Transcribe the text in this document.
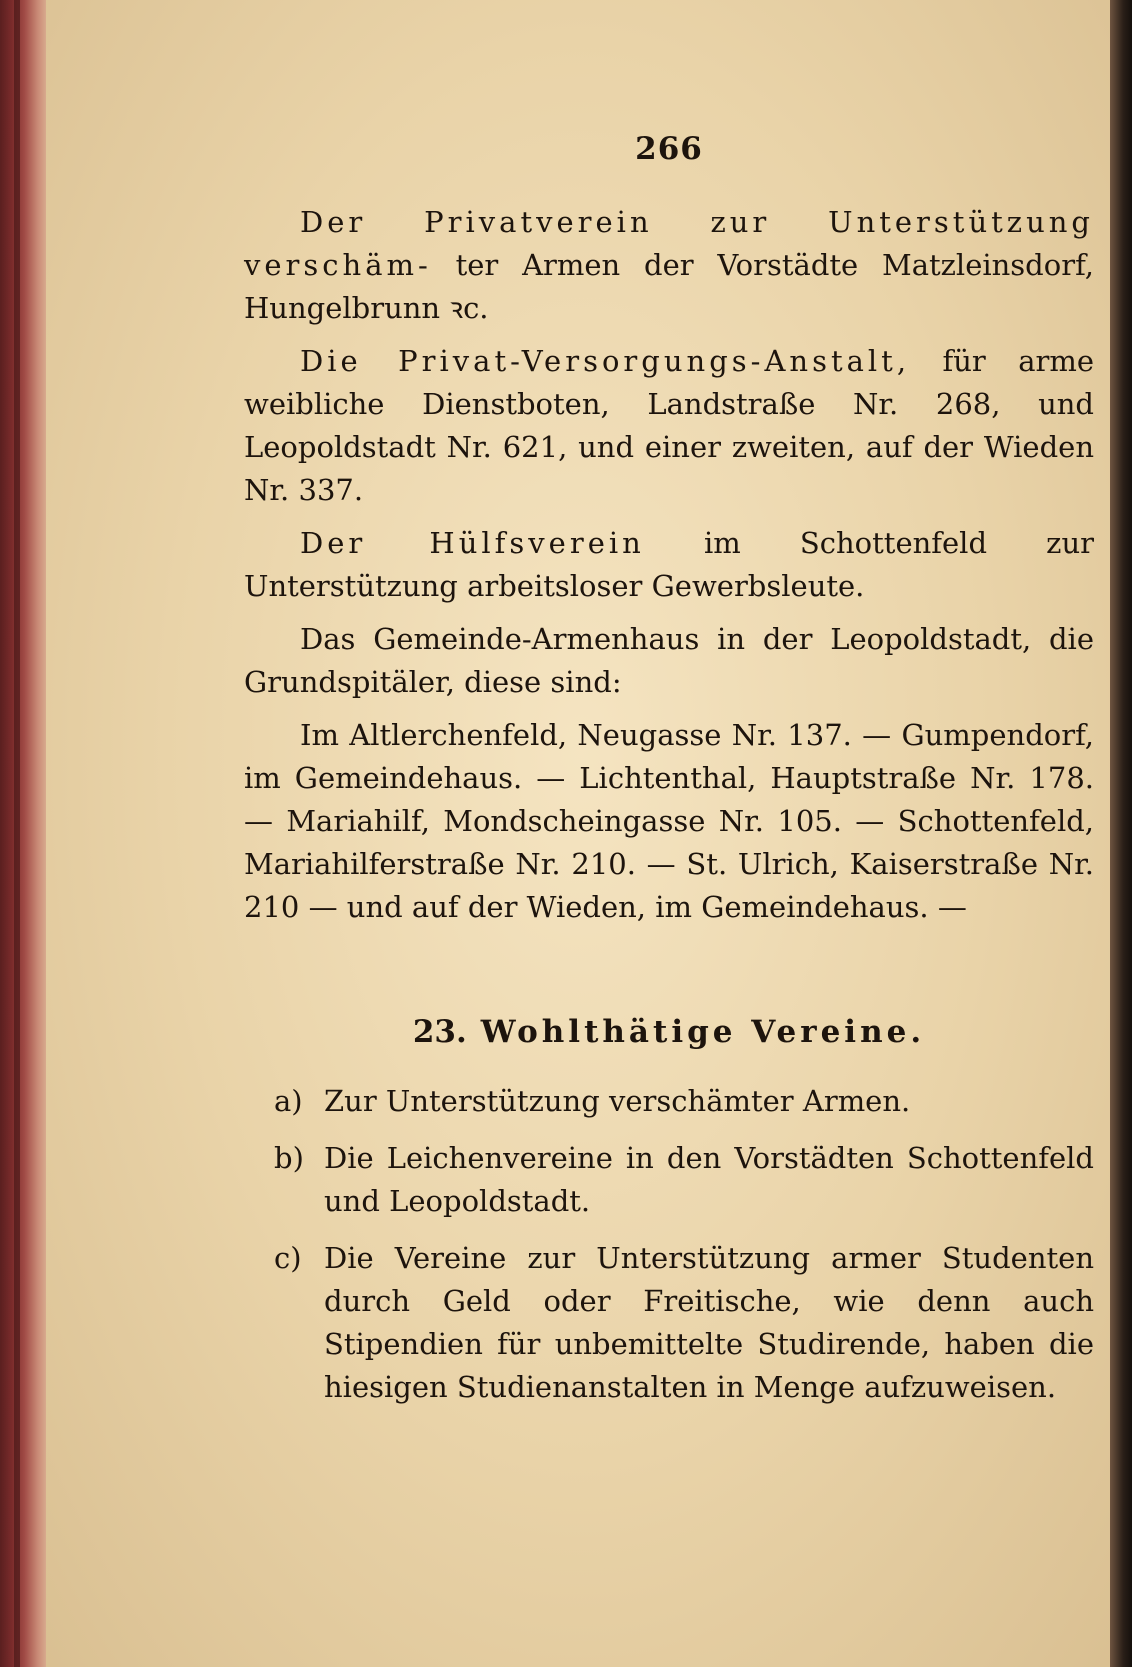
266

Der Privatverein zur Unterstützung verschäm- ter Armen der Vorstädte Matzleinsdorf, Hungelbrunn ꝛc.

Die Privat-Versorgungs-Anstalt, für arme weibliche Dienstboten, Landstraße Nr. 268, und Leopoldstadt Nr. 621, und einer zweiten, auf der Wieden Nr. 337.

Der Hülfsverein im Schottenfeld zur Unterstützung arbeitsloser Gewerbsleute.

Das Gemeinde-Armenhaus in der Leopoldstadt, die Grundspitäler, diese sind:

Im Altlerchenfeld, Neugasse Nr. 137. — Gumpendorf, im Gemeindehaus. — Lichtenthal, Hauptstraße Nr. 178. — Mariahilf, Mondscheingasse Nr. 105. — Schottenfeld, Mariahilferstraße Nr. 210. — St. Ulrich, Kaiserstraße Nr. 210 — und auf der Wieden, im Gemeindehaus. —

23. Wohlthätige Vereine.
a) Zur Unterstützung verschämter Armen.
b) Die Leichenvereine in den Vorstädten Schottenfeld und Leopoldstadt.
c) Die Vereine zur Unterstützung armer Studenten durch Geld oder Freitische, wie denn auch Stipendien für unbemittelte Studirende, haben die hiesigen Studienanstalten in Menge aufzuweisen.
